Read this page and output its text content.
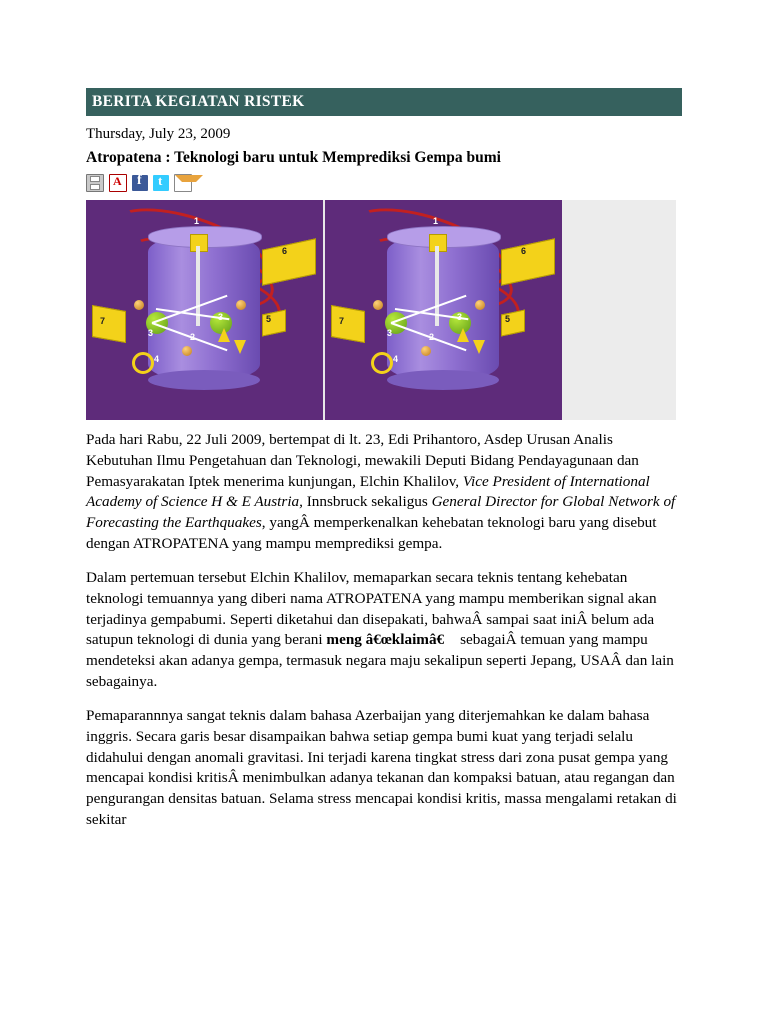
BERITA KEGIATAN RISTEK
Thursday, July 23, 2009
Atropatena : Teknologi baru untuk Memprediksi Gempa bumi
A
f
t
1
6
2
3
3	5
7
4
1
6
2
3
3	5
7
4

Pada hari Rabu, 22 Juli 2009, bertempat di lt. 23, Edi Prihantoro, Asdep Urusan Analis Kebutuhan Ilmu Pengetahuan dan Teknologi, mewakili Deputi Bidang Pendayagunaan dan Pemasyarakatan Iptek menerima kunjungan, Elchin Khalilov, Vice President of International Academy of Science H & E Austria, Innsbruck sekaligus General Director for Global Network of Forecasting the Earthquakes, yangÂ memperkenalkan kehebatan teknologi baru yang disebut dengan ATROPATENA yang mampu memprediksi gempa.

Dalam pertemuan tersebut Elchin Khalilov, memaparkan secara teknis tentang kehebatan teknologi temuannya yang diberi nama ATROPATENA yang mampu memberikan signal akan terjadinya gempabumi. Seperti diketahui dan disepakati, bahwaÂ sampai saat iniÂ belum ada satupun teknologi di dunia yang berani meng â€œklaimâ€ sebagaiÂ temuan yang mampu mendeteksi akan adanya gempa, termasuk negara maju sekalipun seperti Jepang, USAÂ dan lain sebagainya.

Pemaparannnya sangat teknis dalam bahasa Azerbaijan yang diterjemahkan ke dalam bahasa inggris. Secara garis besar disampaikan bahwa setiap gempa bumi kuat yang terjadi selalu didahului dengan anomali gravitasi. Ini terjadi karena tingkat stress dari zona pusat gempa yang mencapai kondisi kritisÂ menimbulkan adanya tekanan dan kompaksi batuan, atau regangan dan pengurangan densitas batuan. Selama stress mencapai kondisi kritis, massa mengalami retakan di sekitar
